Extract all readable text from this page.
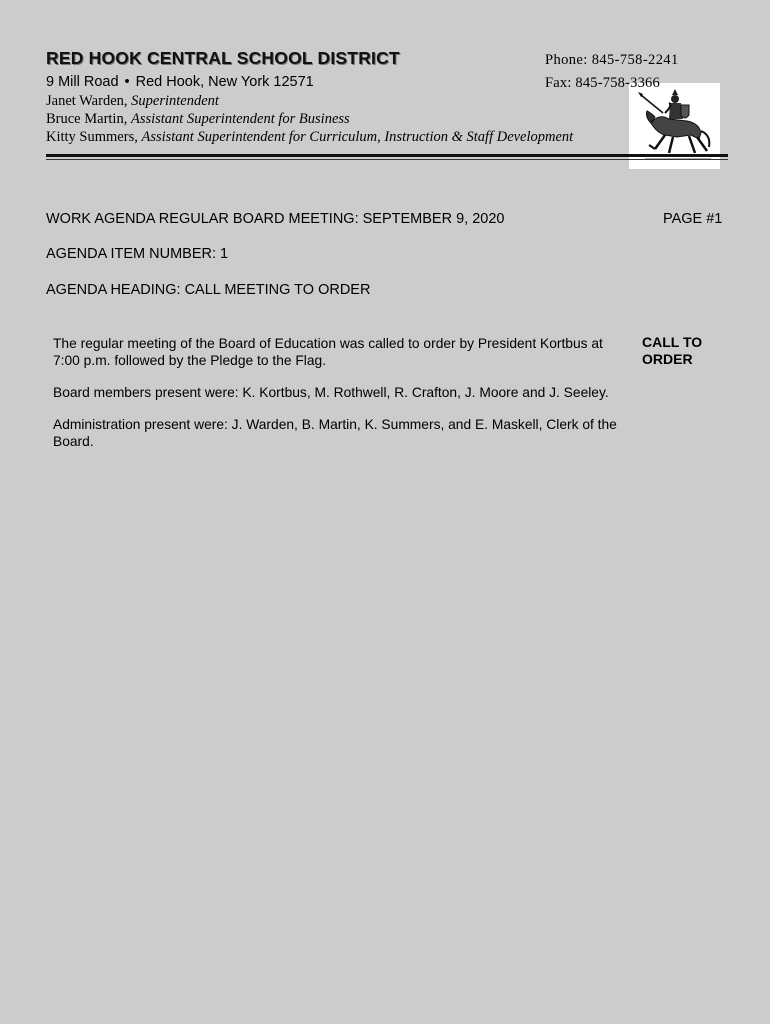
RED HOOK CENTRAL SCHOOL DISTRICT
9 Mill Road • Red Hook, New York 12571
Janet Warden, Superintendent
Bruce Martin, Assistant Superintendent for Business
Kitty Summers, Assistant Superintendent for Curriculum, Instruction & Staff Development
Phone: 845-758-2241
Fax: 845-758-3366
WORK AGENDA REGULAR BOARD MEETING: SEPTEMBER 9, 2020	PAGE #1
AGENDA ITEM NUMBER: 1
AGENDA HEADING: CALL MEETING TO ORDER
The regular meeting of the Board of Education was called to order by President Kortbus at 7:00 p.m. followed by the Pledge to the Flag.
Board members present were: K. Kortbus, M. Rothwell, R. Crafton, J. Moore and J. Seeley.
Administration present were: J. Warden, B. Martin, K. Summers, and E. Maskell, Clerk of the Board.
CALL TO ORDER
